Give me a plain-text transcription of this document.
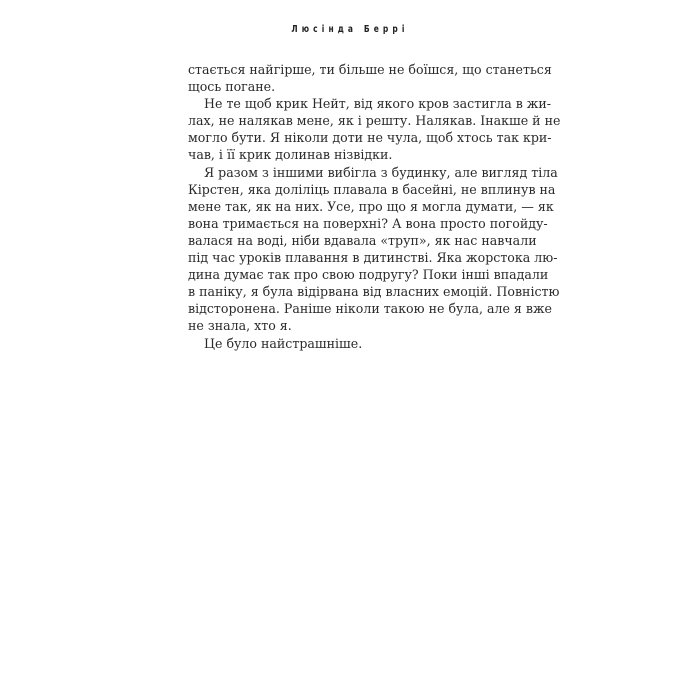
Люсінда Беррі
стається найгірше, ти більше не боїшся, що станеться
щось погане.
Не те щоб крик Нейт, від якого кров застигла в жи-
лах, не налякав мене, як і решту. Налякав. Інакше й не
могло бути. Я ніколи доти не чула, щоб хтось так кри-
чав, і її крик долинав нізвідки.
Я разом з іншими вибігла з будинку, але вигляд тіла
Кірстен, яка доліліць плавала в басейні, не вплинув на
мене так, як на них. Усе, про що я могла думати, — як
вона тримається на поверхні? А вона просто погойду-
валася на воді, ніби вдавала «труп», як нас навчали
під час уроків плавання в дитинстві. Яка жорстока лю-
дина думає так про свою подругу? Поки інші впадали
в паніку, я була відірвана від власних емоцій. Повністю
відсторонена. Раніше ніколи такою не була, але я вже
не знала, хто я.
Це було найстрашніше.
